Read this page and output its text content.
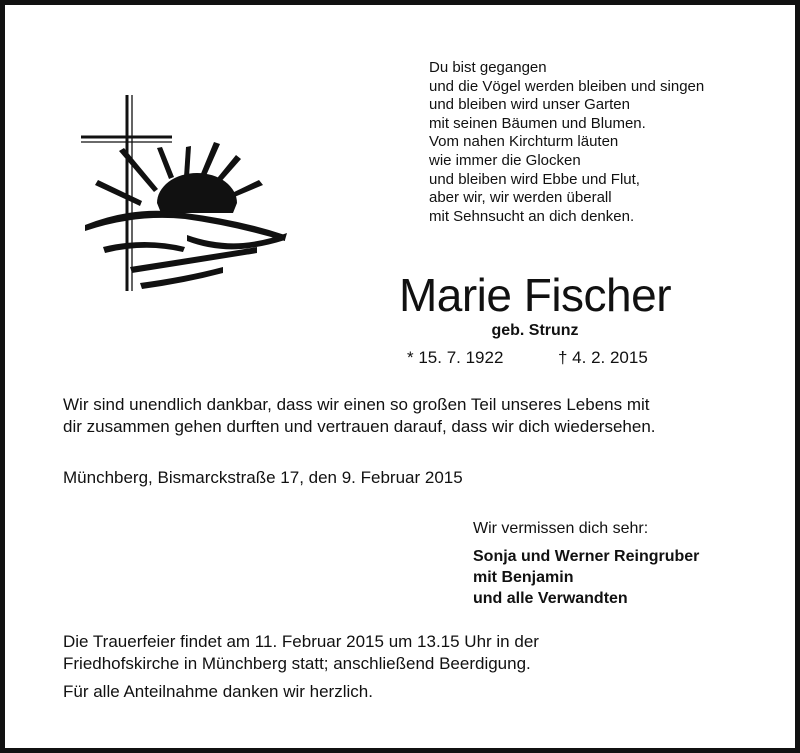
Du bist gegangen
und die Vögel werden bleiben und singen
und bleiben wird unser Garten
mit seinen Bäumen und Blumen.
Vom nahen Kirchturm läuten
wie immer die Glocken
und bleiben wird Ebbe und Flut,
aber wir, wir werden überall
mit Sehnsucht an dich denken.
Marie Fischer
geb. Strunz
* 15. 7. 1922	† 4. 2. 2015
Wir sind unendlich dankbar, dass wir einen so großen Teil unseres Lebens mit
dir zusammen gehen durften und vertrauen darauf, dass wir dich wiedersehen.
Münchberg, Bismarckstraße 17, den 9. Februar 2015
Wir vermissen dich sehr:
Sonja und Werner Reingruber
mit Benjamin
und alle Verwandten
Die Trauerfeier findet am 11. Februar 2015 um 13.15 Uhr in der
Friedhofskirche in Münchberg statt; anschließend Beerdigung.
Für alle Anteilnahme danken wir herzlich.
